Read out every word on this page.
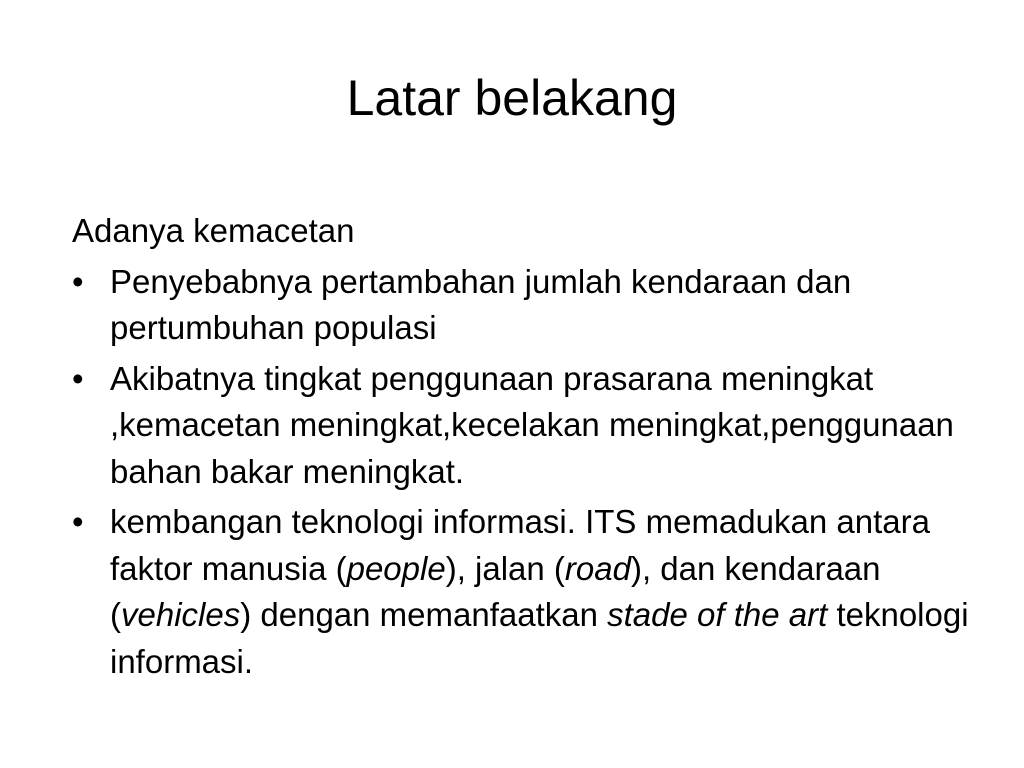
Latar belakang

Adanya kemacetan

• Penyebabnya pertambahan jumlah kendaraan dan pertumbuhan populasi
• Akibatnya tingkat penggunaan prasarana meningkat ,kemacetan meningkat,kecelakan meningkat,penggunaan bahan bakar meningkat.
• kembangan teknologi informasi. ITS memadukan antara faktor manusia (people), jalan (road), dan kendaraan (vehicles) dengan memanfaatkan stade of the art teknologi informasi.
